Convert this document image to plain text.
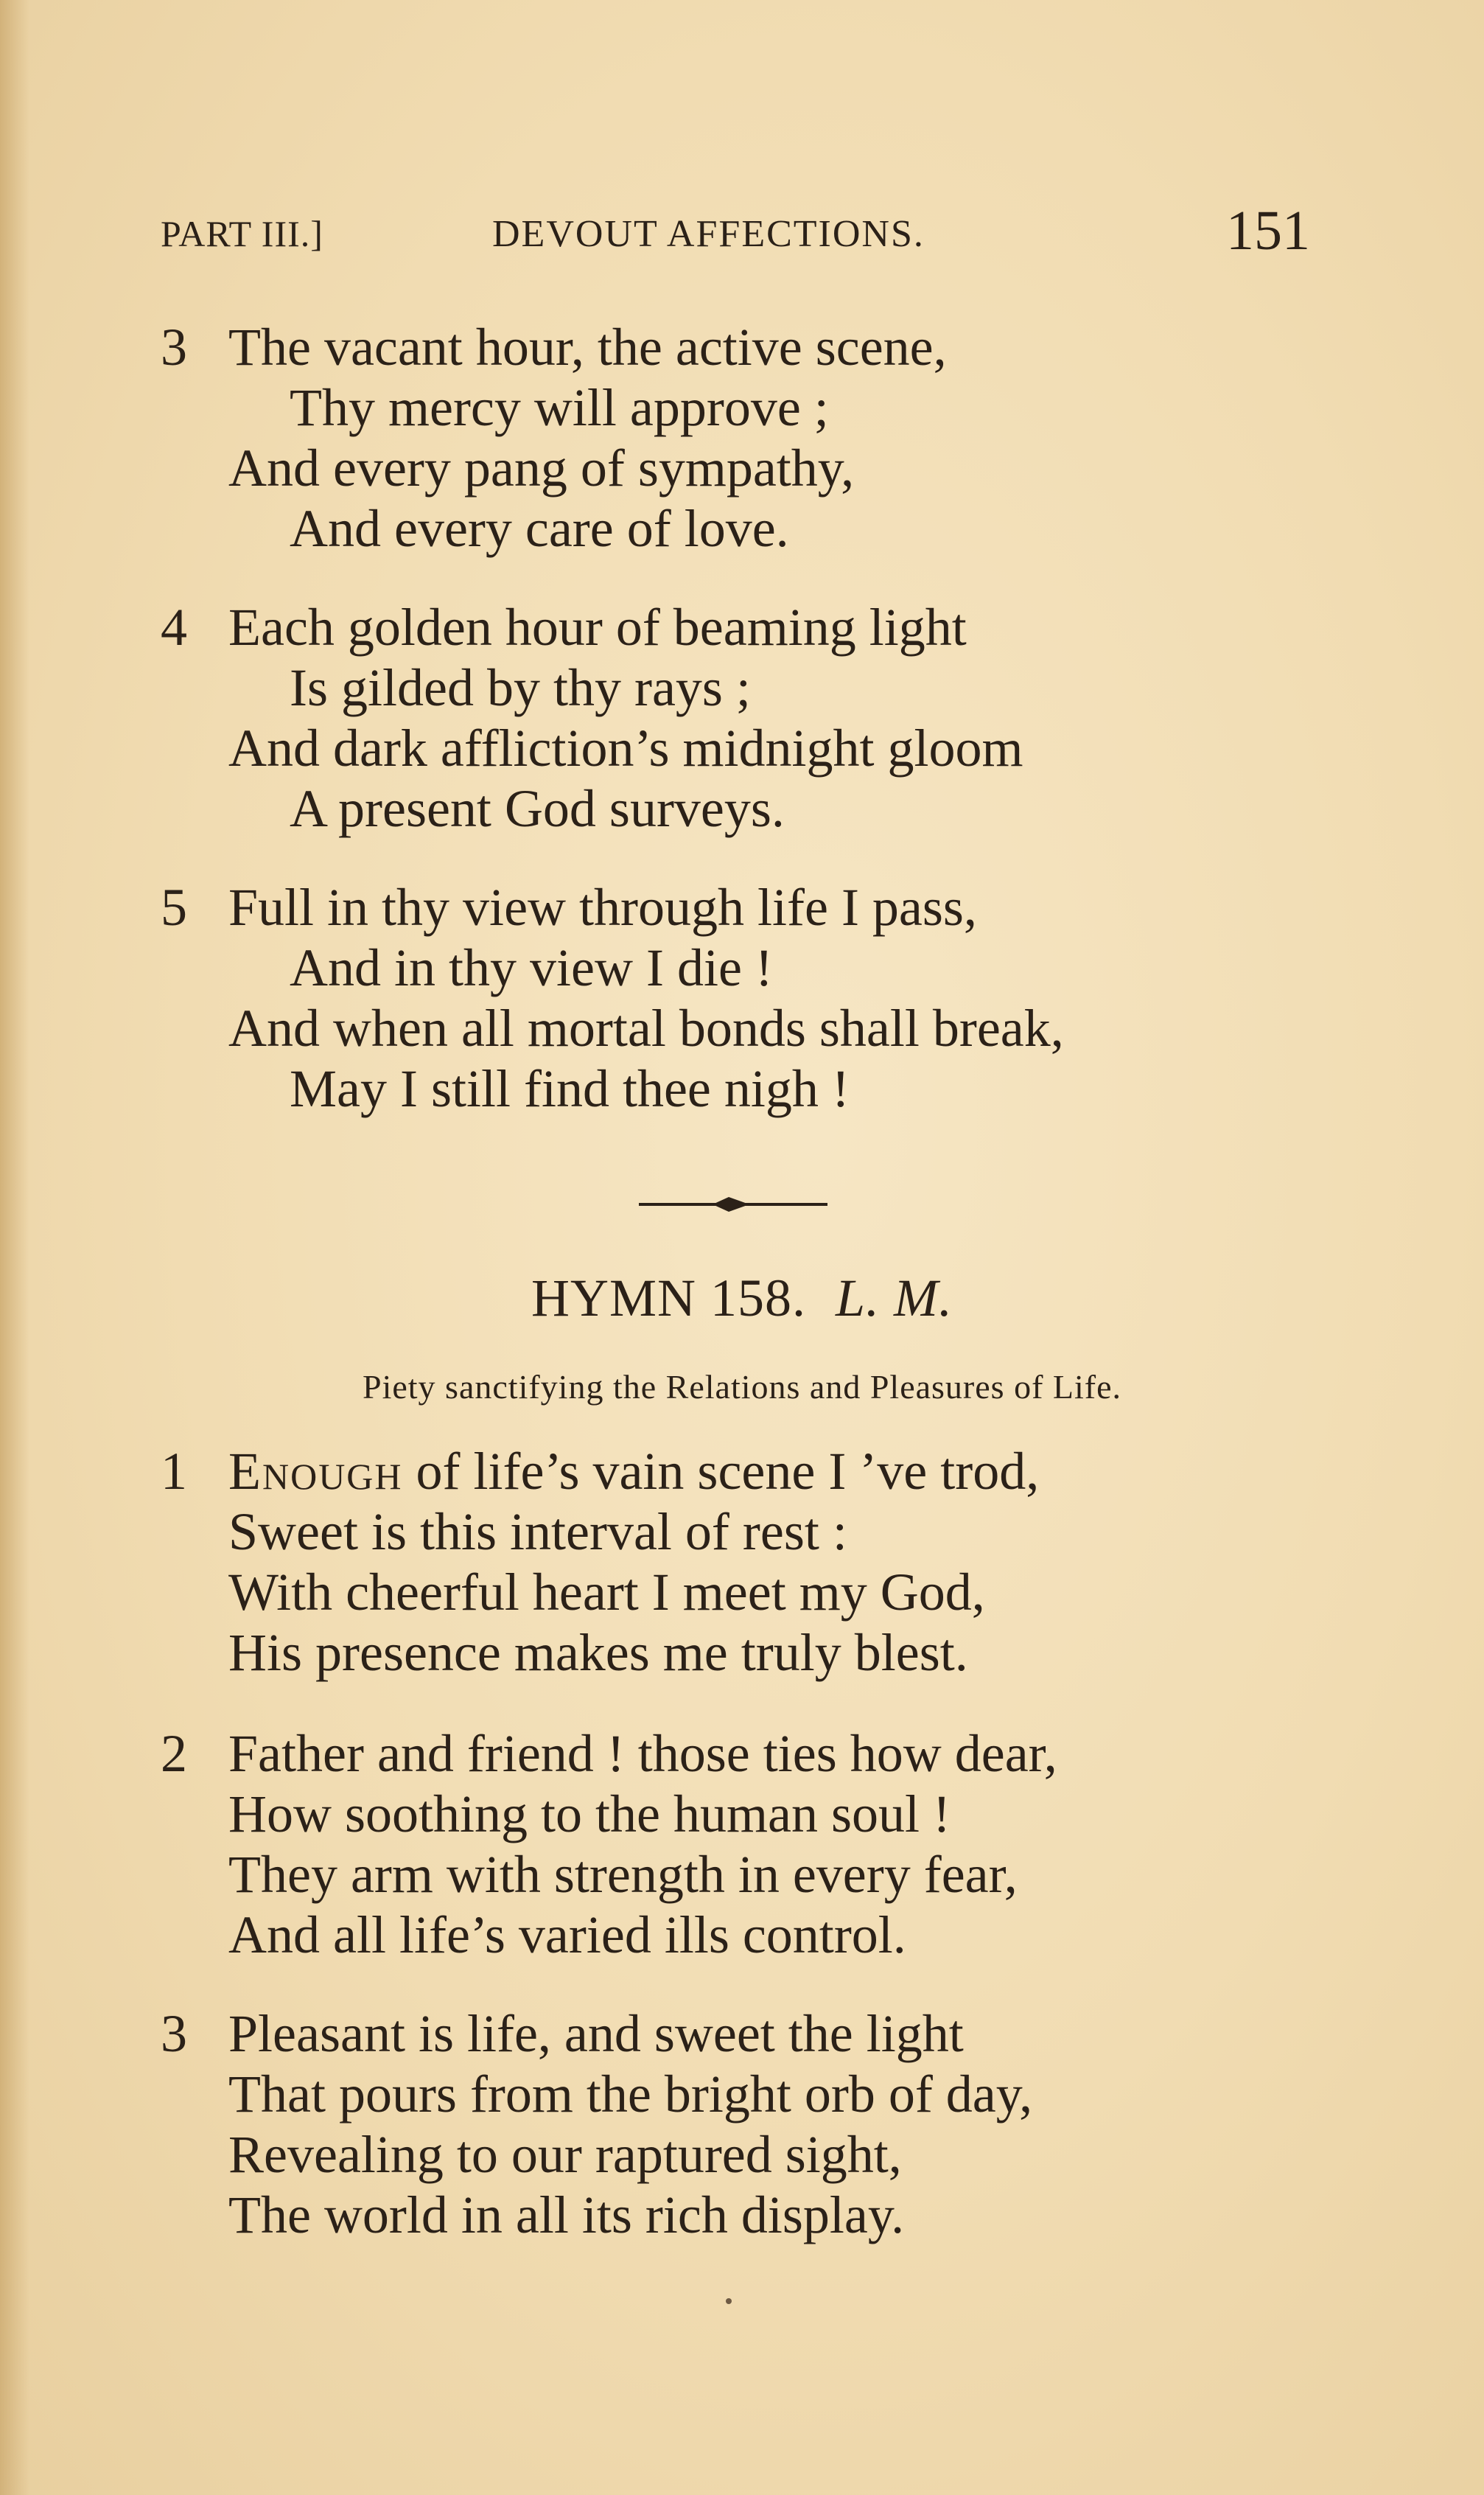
PART III.]	DEVOUT AFFECTIONS.	151
3 The vacant hour, the active scene,
Thy mercy will approve ;
And every pang of sympathy,
And every care of love.
4 Each golden hour of beaming light
Is gilded by thy rays ;
And dark affliction’s midnight gloom
A present God surveys.
5 Full in thy view through life I pass,
And in thy view I die !
And when all mortal bonds shall break,
May I still find thee nigh !
HYMN 158. L. M.
Piety sanctifying the Relations and Pleasures of Life.
1 Enough of life’s vain scene I ’ve trod,
Sweet is this interval of rest :
With cheerful heart I meet my God,
His presence makes me truly blest.
2 Father and friend ! those ties how dear,
How soothing to the human soul !
They arm with strength in every fear,
And all life’s varied ills control.
3 Pleasant is life, and sweet the light
That pours from the bright orb of day,
Revealing to our raptured sight,
The world in all its rich display.
